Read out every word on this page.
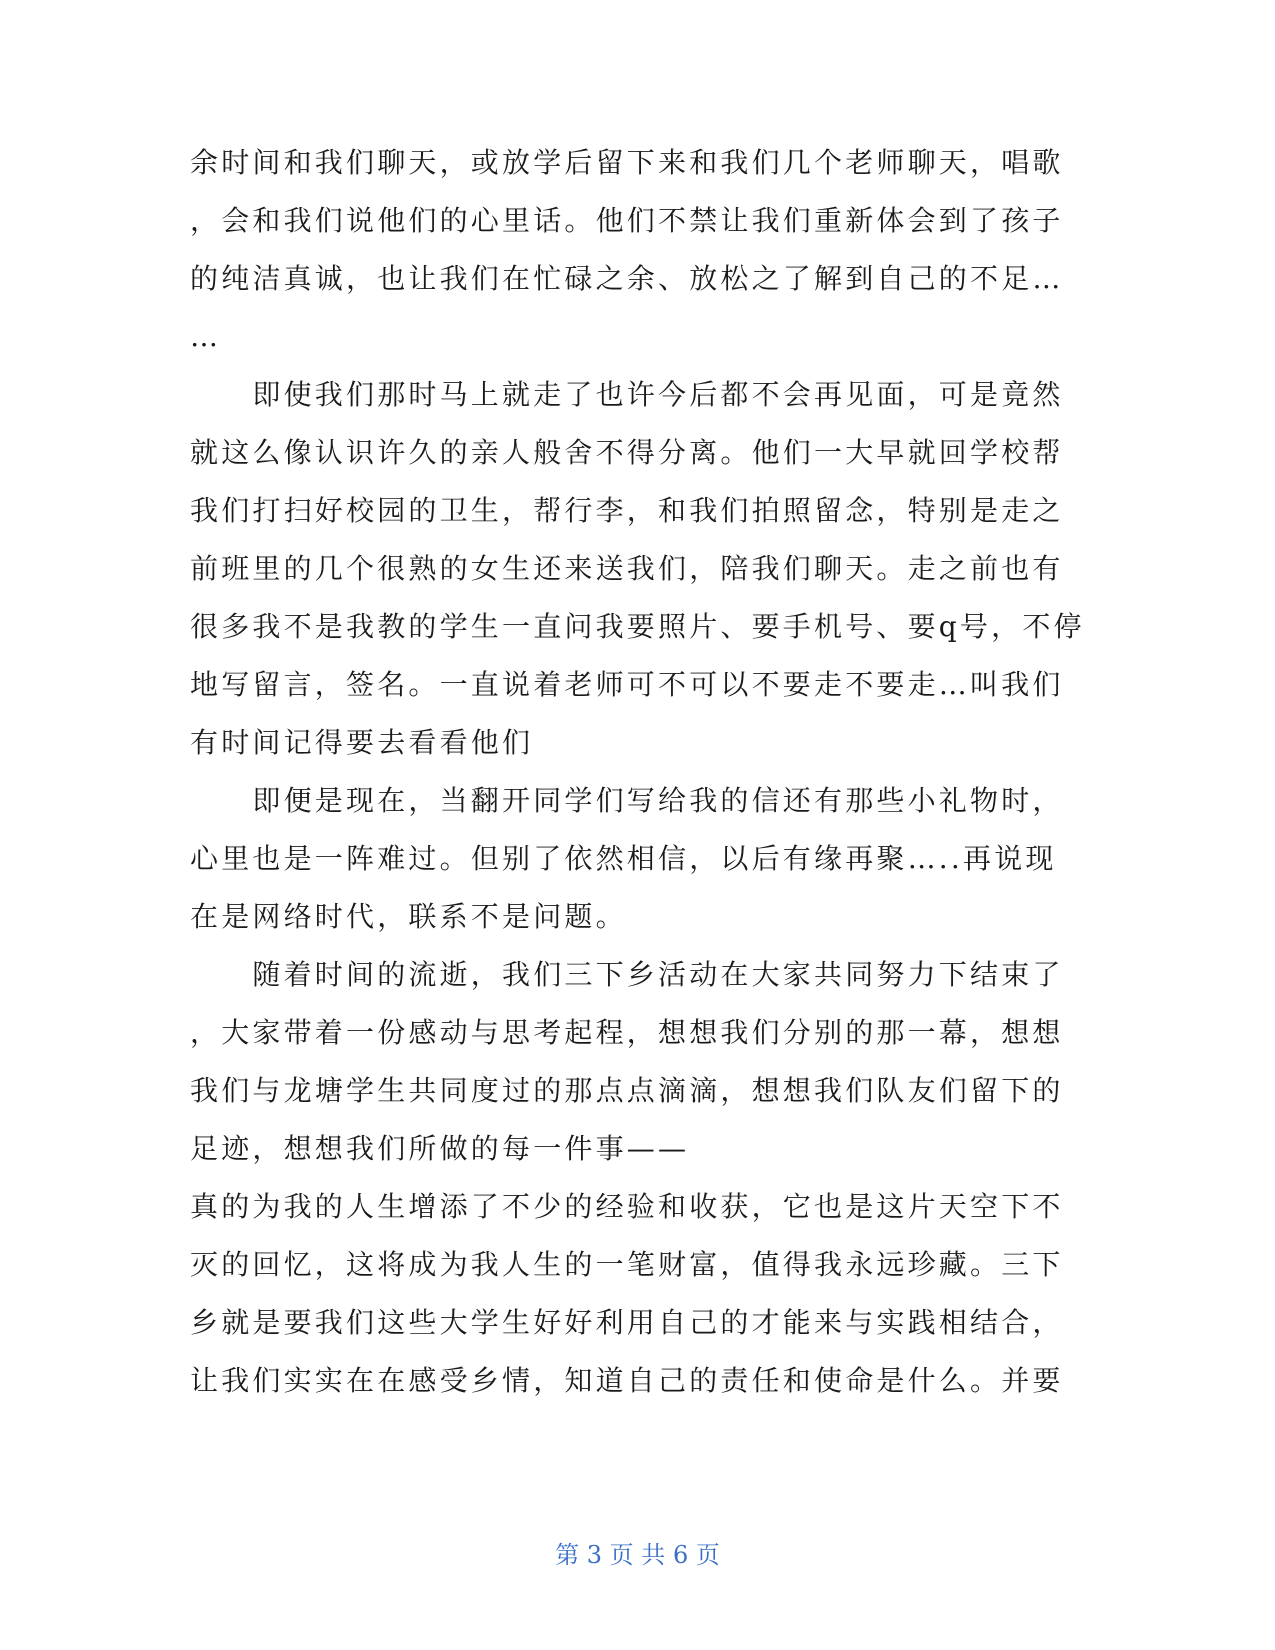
余时间和我们聊天，或放学后留下来和我们几个老师聊天，唱歌
，会和我们说他们的心里话。他们不禁让我们重新体会到了孩子
的纯洁真诚，也让我们在忙碌之余、放松之了解到自己的不足…
…
　　即使我们那时马上就走了也许今后都不会再见面，可是竟然
就这么像认识许久的亲人般舍不得分离。他们一大早就回学校帮
我们打扫好校园的卫生，帮行李，和我们拍照留念，特别是走之
前班里的几个很熟的女生还来送我们，陪我们聊天。走之前也有
很多我不是我教的学生一直问我要照片、要手机号、要q号，不停
地写留言，签名。一直说着老师可不可以不要走不要走…叫我们
有时间记得要去看看他们
　　即便是现在，当翻开同学们写给我的信还有那些小礼物时，
心里也是一阵难过。但别了依然相信，以后有缘再聚…..再说现
在是网络时代，联系不是问题。
　　随着时间的流逝，我们三下乡活动在大家共同努力下结束了
，大家带着一份感动与思考起程，想想我们分别的那一幕，想想
我们与龙塘学生共同度过的那点点滴滴，想想我们队友们留下的
足迹，想想我们所做的每一件事——
真的为我的人生增添了不少的经验和收获，它也是这片天空下不
灭的回忆，这将成为我人生的一笔财富，值得我永远珍藏。三下
乡就是要我们这些大学生好好利用自己的才能来与实践相结合，
让我们实实在在感受乡情，知道自己的责任和使命是什么。并要
第 3 页 共 6 页
